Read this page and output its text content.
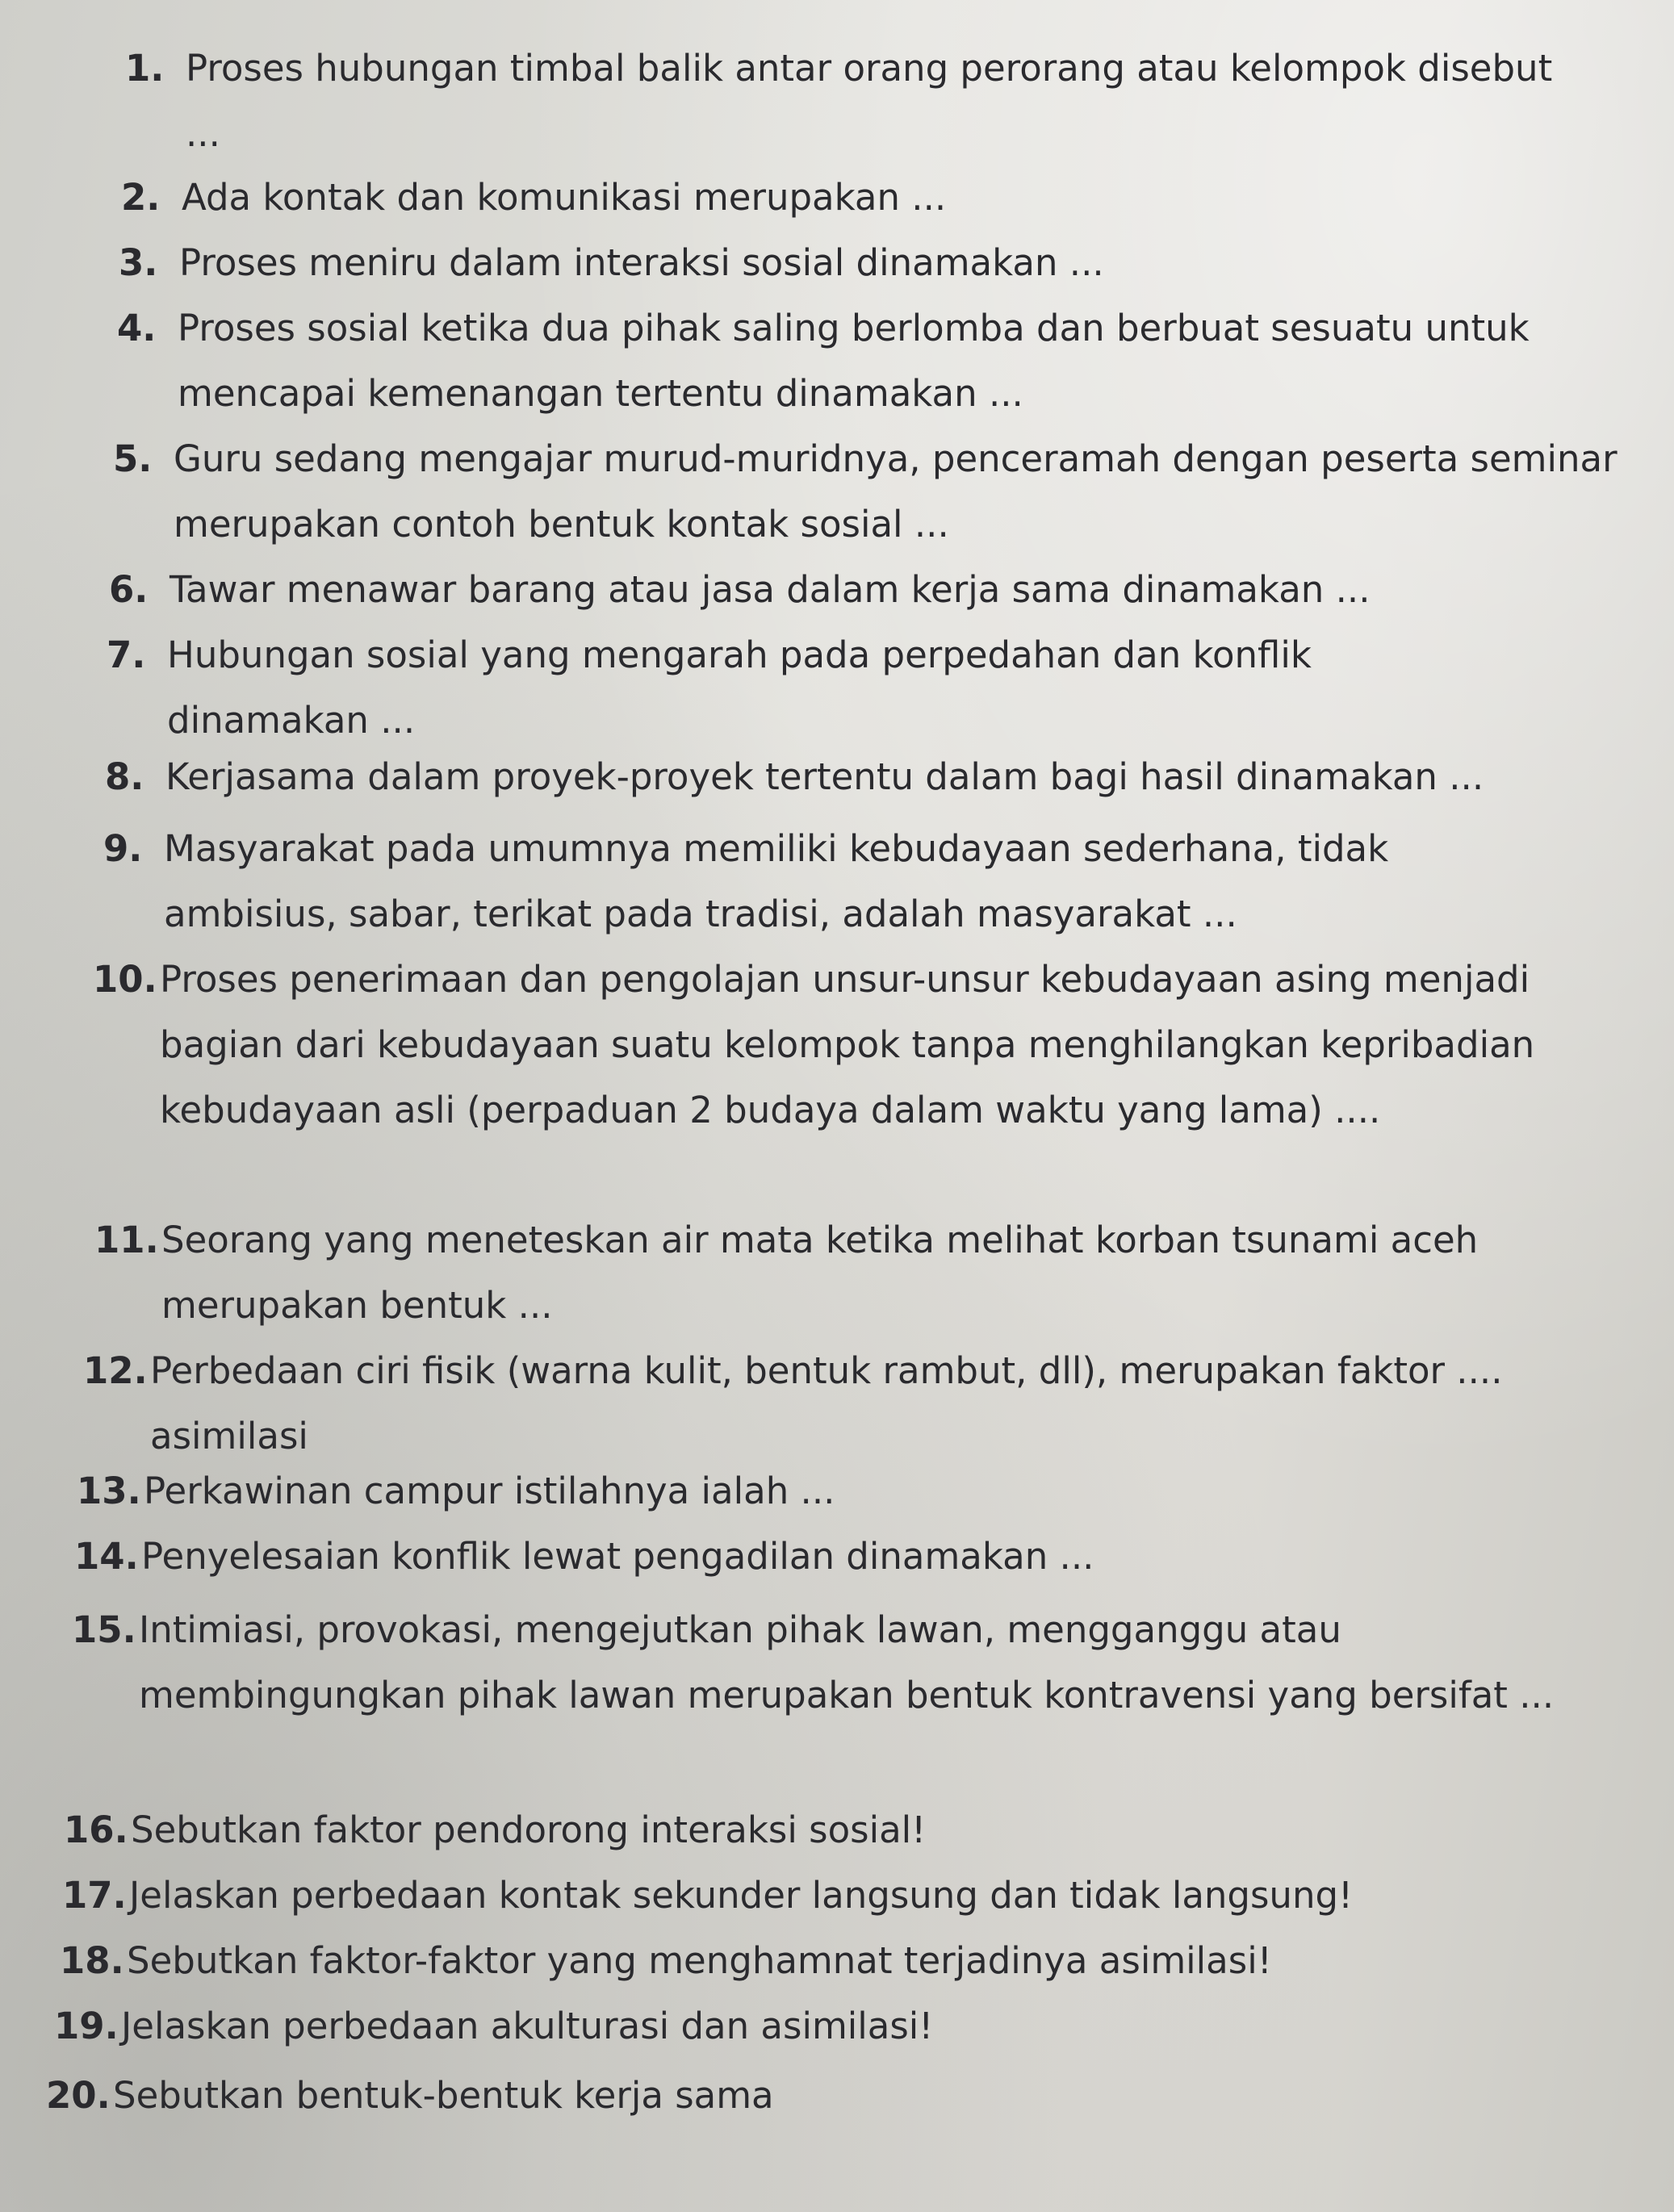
1. Proses hubungan timbal balik antar orang perorang atau kelompok disebut ...
2. Ada kontak dan komunikasi merupakan ...
3. Proses meniru dalam interaksi sosial dinamakan ...
4. Proses sosial ketika dua pihak saling berlomba dan berbuat sesuatu untuk mencapai kemenangan tertentu dinamakan ...
5. Guru sedang mengajar murud-muridnya, penceramah dengan peserta seminar merupakan contoh bentuk kontak sosial ...
6. Tawar menawar barang atau jasa dalam kerja sama dinamakan ...
7. Hubungan sosial yang mengarah pada perpedahan dan konflik dinamakan ...
8. Kerjasama dalam proyek-proyek tertentu dalam bagi hasil dinamakan ...
9. Masyarakat pada umumnya memiliki kebudayaan sederhana, tidak ambisius, sabar, terikat pada tradisi, adalah masyarakat ...
10. Proses penerimaan dan pengolajan unsur-unsur kebudayaan asing menjadi bagian dari kebudayaan suatu kelompok tanpa menghilangkan kepribadian kebudayaan asli (perpaduan 2 budaya dalam waktu yang lama) ....
11. Seorang yang meneteskan air mata ketika melihat korban tsunami aceh merupakan bentuk ...
12. Perbedaan ciri fisik (warna kulit, bentuk rambut, dll), merupakan faktor .... asimilasi
13. Perkawinan campur istilahnya ialah ...
14. Penyelesaian konflik lewat pengadilan dinamakan ...
15. Intimiasi, provokasi, mengejutkan pihak lawan, mengganggu atau membingungkan pihak lawan merupakan bentuk kontravensi yang bersifat ...
16. Sebutkan faktor pendorong interaksi sosial!
17. Jelaskan perbedaan kontak sekunder langsung dan tidak langsung!
18. Sebutkan faktor-faktor yang menghamnat terjadinya asimilasi!
19. Jelaskan perbedaan akulturasi dan asimilasi!
20. Sebutkan bentuk-bentuk kerja sama
